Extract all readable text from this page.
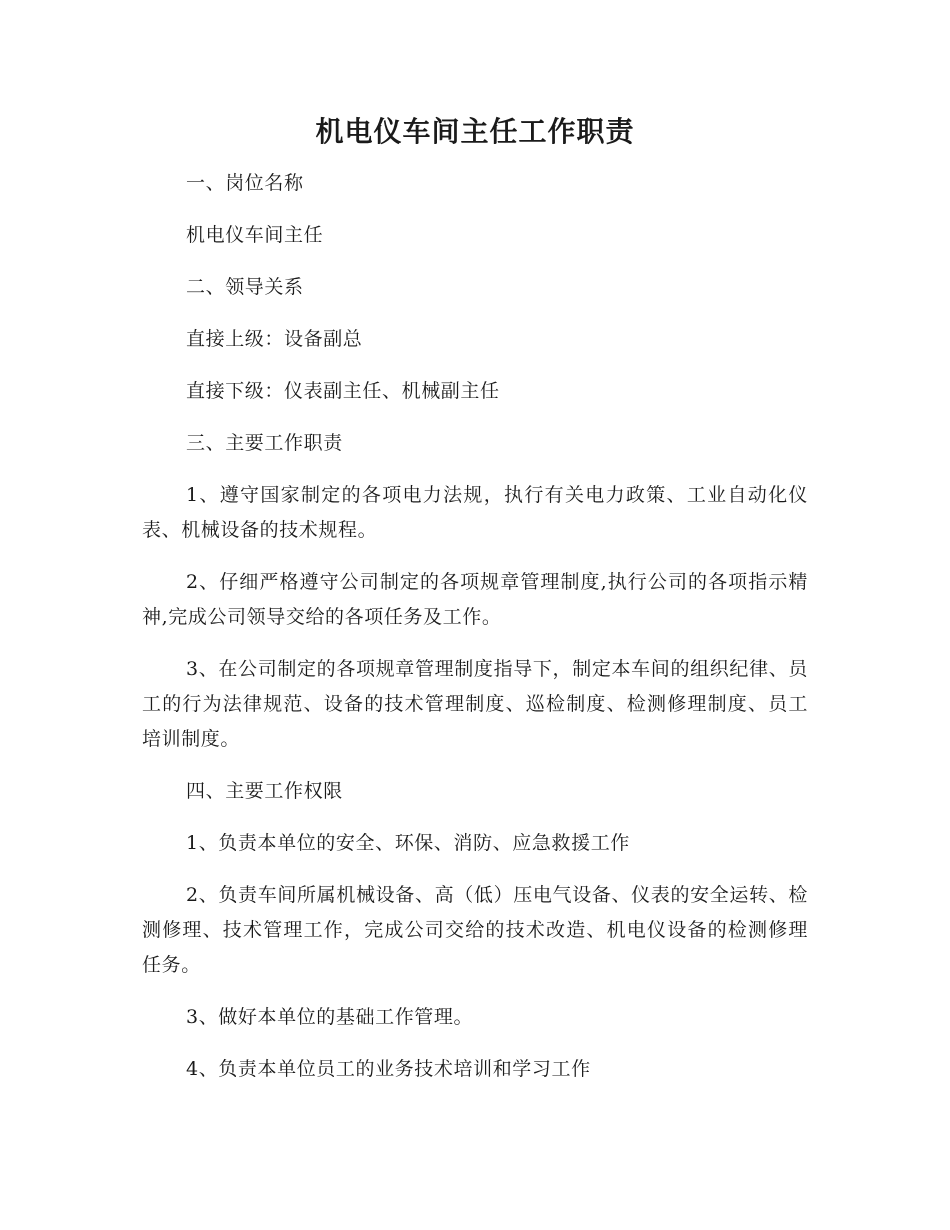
机电仪车间主任工作职责

一、岗位名称

机电仪车间主任

二、领导关系

直接上级：设备副总

直接下级：仪表副主任、机械副主任

三、主要工作职责

1、遵守国家制定的各项电力法规，执行有关电力政策、工业自动化仪表、机械设备的技术规程。

2、仔细严格遵守公司制定的各项规章管理制度,执行公司的各项指示精神,完成公司领导交给的各项任务及工作。

3、在公司制定的各项规章管理制度指导下，制定本车间的组织纪律、员工的行为法律规范、设备的技术管理制度、巡检制度、检测修理制度、员工培训制度。

四、主要工作权限

1、负责本单位的安全、环保、消防、应急救援工作

2、负责车间所属机械设备、高（低）压电气设备、仪表的安全运转、检测修理、技术管理工作，完成公司交给的技术改造、机电仪设备的检测修理任务。

3、做好本单位的基础工作管理。

4、负责本单位员工的业务技术培训和学习工作
